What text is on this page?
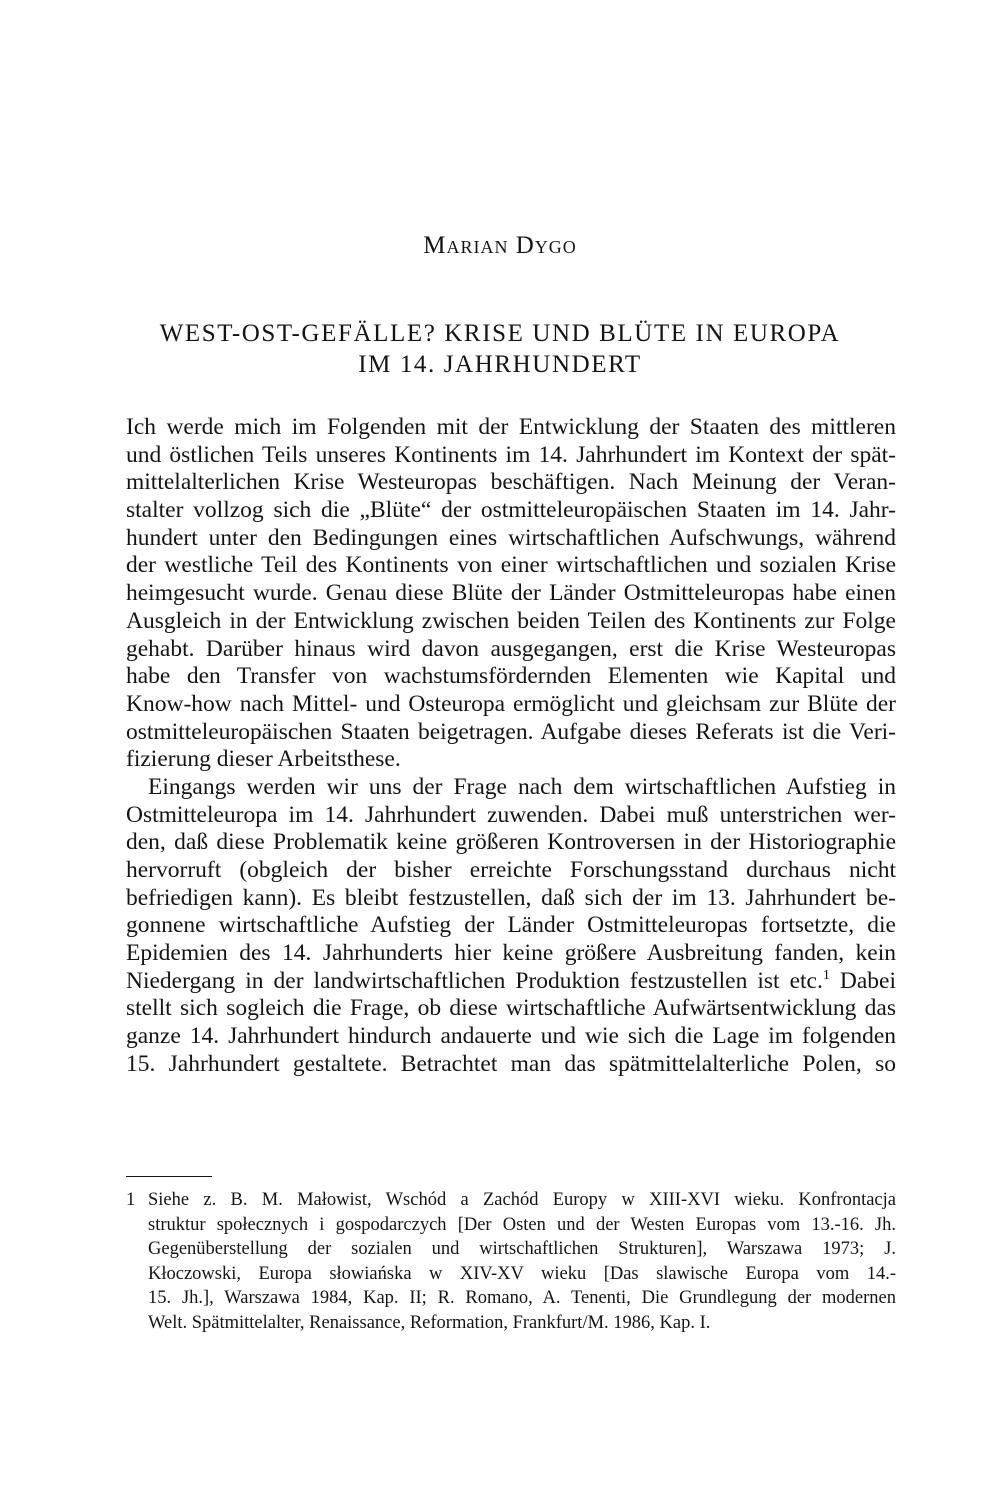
Marian Dygo
WEST-OST-GEFÄLLE? KRISE UND BLÜTE IN EUROPA
IM 14. JAHRHUNDERT
Ich werde mich im Folgenden mit der Entwicklung der Staaten des mittleren
und östlichen Teils unseres Kontinents im 14. Jahrhundert im Kontext der spät-
mittelalterlichen Krise Westeuropas beschäftigen. Nach Meinung der Veran-
stalter vollzog sich die „Blüte“ der ostmitteleuropäischen Staaten im 14. Jahr-
hundert unter den Bedingungen eines wirtschaftlichen Aufschwungs, während
der westliche Teil des Kontinents von einer wirtschaftlichen und sozialen Krise
heimgesucht wurde. Genau diese Blüte der Länder Ostmitteleuropas habe einen
Ausgleich in der Entwicklung zwischen beiden Teilen des Kontinents zur Folge
gehabt. Darüber hinaus wird davon ausgegangen, erst die Krise Westeuropas
habe den Transfer von wachstumsfördernden Elementen wie Kapital und
Know-how nach Mittel- und Osteuropa ermöglicht und gleichsam zur Blüte der
ostmitteleuropäischen Staaten beigetragen. Aufgabe dieses Referats ist die Veri-
fizierung dieser Arbeitsthese.
Eingangs werden wir uns der Frage nach dem wirtschaftlichen Aufstieg in
Ostmitteleuropa im 14. Jahrhundert zuwenden. Dabei muß unterstrichen wer-
den, daß diese Problematik keine größeren Kontroversen in der Historiographie
hervorruft (obgleich der bisher erreichte Forschungsstand durchaus nicht
befriedigen kann). Es bleibt festzustellen, daß sich der im 13. Jahrhundert be-
gonnene wirtschaftliche Aufstieg der Länder Ostmitteleuropas fortsetzte, die
Epidemien des 14. Jahrhunderts hier keine größere Ausbreitung fanden, kein
Niedergang in der landwirtschaftlichen Produktion festzustellen ist etc.$^1$ Dabei
stellt sich sogleich die Frage, ob diese wirtschaftliche Aufwärtsentwicklung das
ganze 14. Jahrhundert hindurch andauerte und wie sich die Lage im folgenden
15. Jahrhundert gestaltete. Betrachtet man das spätmittelalterliche Polen, so
1 Siehe z. B. M. Małowist, Wschód a Zachód Europy w XIII-XVI wieku. Konfrontacja
struktur społecznych i gospodarczych [Der Osten und der Westen Europas vom 13.-16. Jh.
Gegenüberstellung der sozialen und wirtschaftlichen Strukturen], Warszawa 1973; J.
Kłoczowski, Europa słowiańska w XIV-XV wieku [Das slawische Europa vom 14.-
15. Jh.], Warszawa 1984, Kap. II; R. Romano, A. Tenenti, Die Grundlegung der modernen
Welt. Spätmittelalter, Renaissance, Reformation, Frankfurt/M. 1986, Kap. I.
